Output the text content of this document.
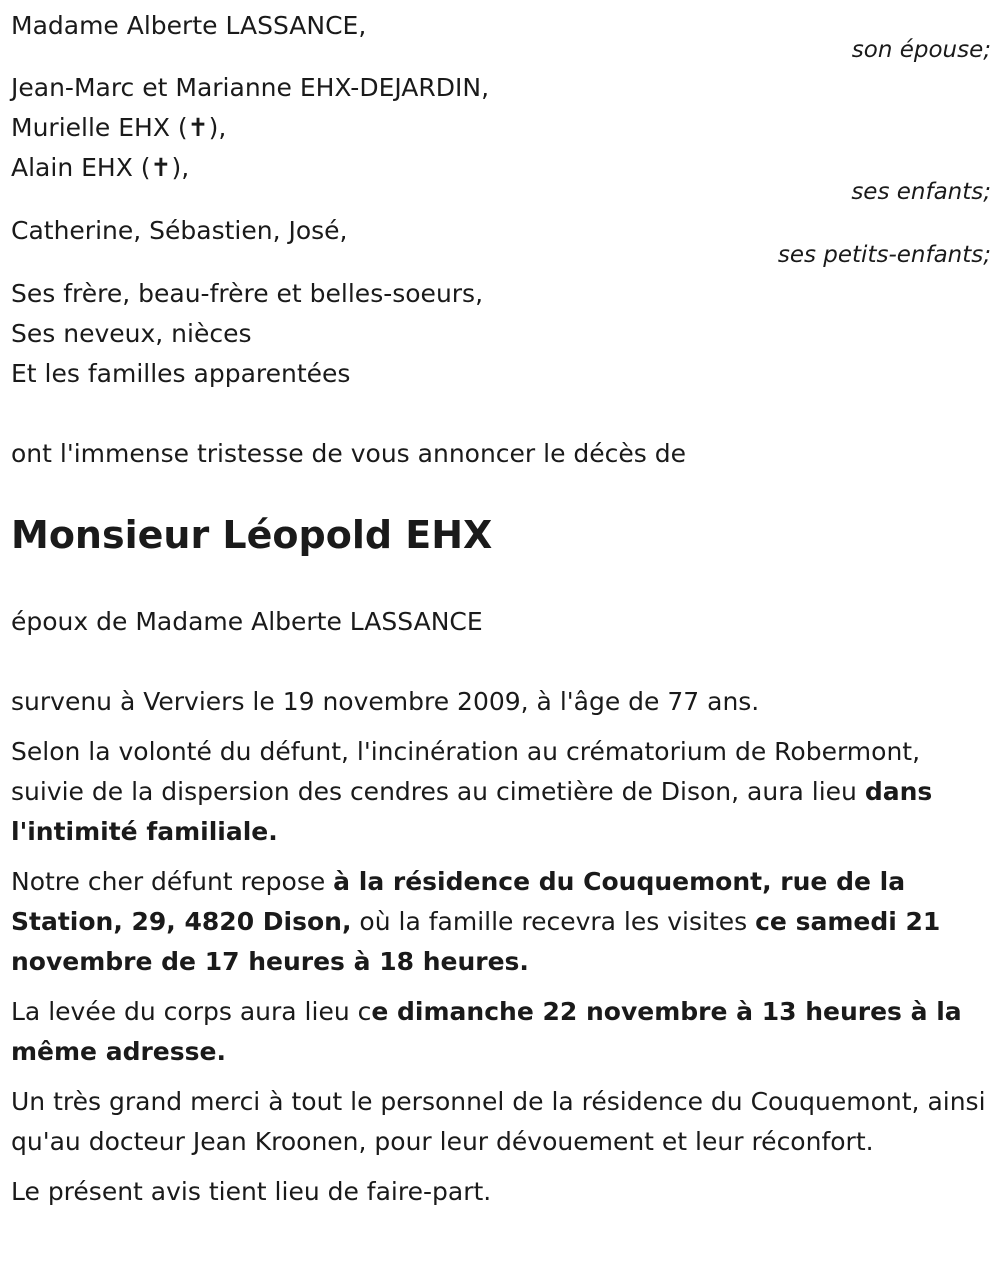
Madame Alberte LASSANCE,
son épouse;
Jean-Marc et Marianne EHX-DEJARDIN,
Murielle EHX (✝),
Alain EHX (✝),
ses enfants;
Catherine, Sébastien, José,
ses petits-enfants;
Ses frère, beau-frère et belles-soeurs,
Ses neveux, nièces
Et les familles apparentées
ont l'immense tristesse de vous annoncer le décès de
Monsieur Léopold EHX
époux de Madame Alberte LASSANCE

survenu à Verviers le 19 novembre 2009, à l'âge de 77 ans.

Selon la volonté du défunt, l'incinération au crématorium de Robermont, suivie de la dispersion des cendres au cimetière de Dison, aura lieu dans l'intimité familiale.

Notre cher défunt repose à la résidence du Couquemont, rue de la Station, 29, 4820 Dison, où la famille recevra les visites ce samedi 21 novembre de 17 heures à 18 heures.

La levée du corps aura lieu ce dimanche 22 novembre à 13 heures à la même adresse.

Un très grand merci à tout le personnel de la résidence du Couquemont, ainsi qu'au docteur Jean Kroonen, pour leur dévouement et leur réconfort.

Le présent avis tient lieu de faire-part.
